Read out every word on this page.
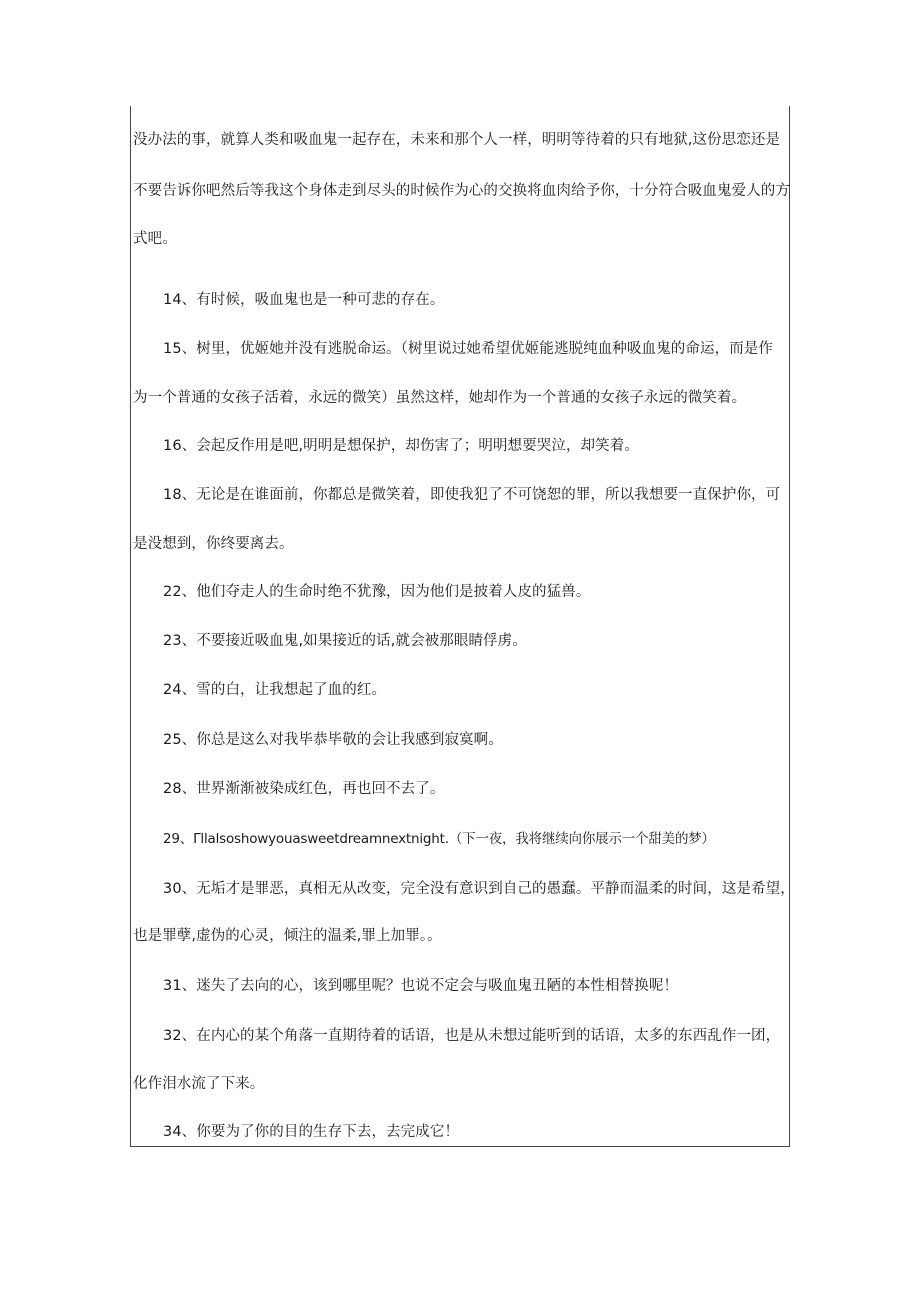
没办法的事，就算人类和吸血鬼一起存在，未来和那个人一样，明明等待着的只有地狱,这份思恋还是
不要告诉你吧然后等我这个身体走到尽头的时候作为心的交换将血肉给予你，十分符合吸血鬼爱人的方
式吧。
14、有时候，吸血鬼也是一种可悲的存在。
15、树里，优姬她并没有逃脱命运。（树里说过她希望优姬能逃脱纯血种吸血鬼的命运，而是作
为一个普通的女孩子活着，永远的微笑）虽然这样，她却作为一个普通的女孩子永远的微笑着。
16、会起反作用是吧,明明是想保护，却伤害了；明明想要哭泣，却笑着。
18、无论是在谁面前，你都总是微笑着，即使我犯了不可饶恕的罪，所以我想要一直保护你，可
是没想到，你终要离去。
22、他们夺走人的生命时绝不犹豫，因为他们是披着人皮的猛兽。
23、不要接近吸血鬼,如果接近的话,就会被那眼睛俘虏。
24、雪的白，让我想起了血的红。
25、你总是这么对我毕恭毕敬的会让我感到寂寞啊。
28、世界渐渐被染成红色，再也回不去了。
29、Γllalsoshowyouasweetdreamnextnight.（下一夜，我将继续向你展示一个甜美的梦）
30、无垢才是罪恶，真相无从改变，完全没有意识到自己的愚蠢。平静而温柔的时间，这是希望，
也是罪孽,虚伪的心灵，倾注的温柔,罪上加罪。。
31、迷失了去向的心，该到哪里呢？也说不定会与吸血鬼丑陋的本性相替换呢！
32、在内心的某个角落一直期待着的话语，也是从未想过能听到的话语，太多的东西乱作一团，
化作泪水流了下来。
34、你要为了你的目的生存下去，去完成它！
